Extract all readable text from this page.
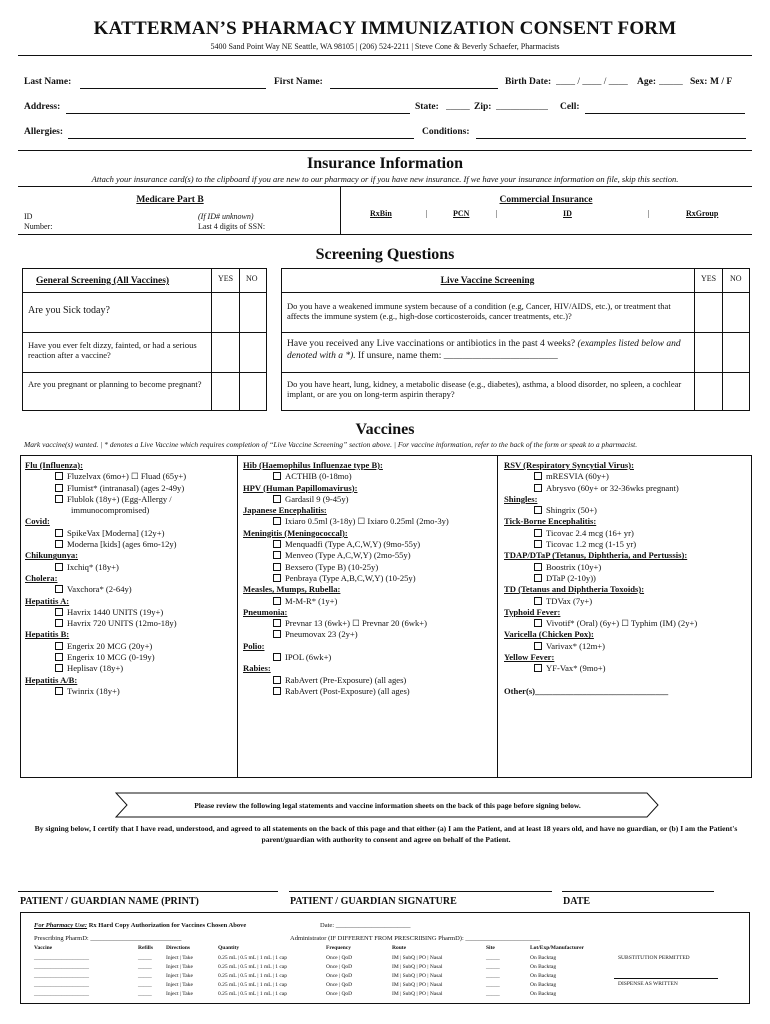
KATTERMAN’S PHARMACY IMMUNIZATION CONSENT FORM
5400 Sand Point Way NE Seattle, WA 98105 | (206) 524-2211 | Steve Cone & Beverly Schaefer, Pharmacists
Last Name:	First Name:	Birth Date: ____ / ____ / ____ Age: _____ Sex: M / F
Address:	State: _____ Zip: ___________ Cell:
Allergies:	Conditions:
Insurance Information
Attach your insurance card(s) to the clipboard if you are new to our pharmacy or if you have new insurance. If we have your insurance information on file, skip this section.
Medicare Part B
ID
Number:
(If ID# unknown)
Last 4 digits of SSN:
Commercial Insurance
RxBin	|	PCN	|	ID	|	RxGroup
Screening Questions
General Screening (All Vaccines)	YES NO
Are you Sick today?
Have you ever felt dizzy, fainted, or had a serious reaction after a vaccine?
Are you pregnant or planning to become pregnant?
Live Vaccine Screening	YES NO
Do you have a weakened immune system because of a condition (e.g, Cancer, HIV/AIDS, etc.), or treatment that affects the immune system (e.g., high-dose corticosteroids, cancer treatments, etc.)?
Have you received any Live vaccinations or antibiotics in the past 4 weeks? (examples listed below and denoted with a *). If unsure, name them: ________________________
Do you have heart, lung, kidney, a metabolic disease (e.g., diabetes), asthma, a blood disorder, no spleen, a cochlear implant, or are you on long-term aspirin therapy?
Vaccines
Mark vaccine(s) wanted. | * denotes a Live Vaccine which requires completion of “Live Vaccine Screening” section above. | For vaccine information, refer to the back of the form or speak to a pharmacist.
Flu (Influenza):
Fluzelvax (6mo+) ☐ Fluad (65y+)
Flumist* (intranasal) (ages 2-49y)
Flublok (18y+) (Egg-Allergy /
immunocompromised)
Covid:
SpikeVax [Moderna] (12y+)
Moderna [kids] (ages 6mo-12y)
Chikungunya:
Ixchiq* (18y+)
Cholera:
Vaxchora* (2-64y)
Hepatitis A:
Havrix 1440 UNITS (19y+)
Havrix 720 UNITS (12mo-18y)
Hepatitis B:
Engerix 20 MCG (20y+)
Engerix 10 MCG (0-19y)
Heplisav (18y+)
Hepatitis A/B:
Twinrix (18y+)
Hib (Haemophilus Influenzae type B):
ACTHIB (0-18mo)
HPV (Human Papillomavirus):
Gardasil 9 (9-45y)
Japanese Encephalitis:
Ixiaro 0.5ml (3-18y) ☐ Ixiaro 0.25ml (2mo-3y)
Meningitis (Meningococcal):
Menquadfi (Type A,C,W,Y) (9mo-55y)
Menveo (Type A,C,W,Y) (2mo-55y)
Bexsero (Type B) (10-25y)
Penbraya (Type A,B,C,W,Y) (10-25y)
Measles, Mumps, Rubella:
M-M-R* (1y+)
Pneumonia:
Prevnar 13 (6wk+) ☐ Prevnar 20 (6wk+)
Pneumovax 23 (2y+)
Polio:
IPOL (6wk+)
Rabies:
RabAvert (Pre-Exposure) (all ages)
RabAvert (Post-Exposure) (all ages)
RSV (Respiratory Syncytial Virus):
mRESVIA (60y+)
Abrysvo (60y+ or 32-36wks pregnant)
Shingles:
Shingrix (50+)
Tick-Borne Encephalitis:
Ticovac 2.4 mcg (16+ yr)
Ticovac 1.2 mcg (1-15 yr)
TDAP/DTaP (Tetanus, Diphtheria, and Pertussis):
Boostrix (10y+)
DTaP (2-10y))
TD (Tetanus and Diphtheria Toxoids):
TDVax (7y+)
Typhoid Fever:
Vivotif* (Oral) (6y+) ☐ Typhim (IM) (2y+)
Varicella (Chicken Pox):
Varivax* (12m+)
Yellow Fever:
YF-Vax* (9mo+)
Other(s)_______________________________
Please review the following legal statements and vaccine information sheets on the back of this page before signing below.
By signing below, I certify that I have read, understood, and agreed to all statements on the back of this page and that either (a) I am the Patient, and at least 18 years old, and have no guardian, or (b) I am the Patient's parent/guardian with authority to consent and agree on behalf of the Patient.
PATIENT / GUARDIAN NAME (PRINT)	PATIENT / GUARDIAN SIGNATURE	DATE
For Pharmacy Use: Rx Hard Copy Authorization for Vaccines Chosen Above	Date: _______________________
Prescribing PharmD: ____________________________	Administrator (IF DIFFERENT FROM PRESCRIBING PharmD): _______________________
Vaccine	Refills Directions	Quantity	Frequency	Route	Site	Lot/Exp/Manufacturer
____________________	_____	Inject | Take	0.25 mL | 0.5 mL | 1 mL | 1 cap	Once | QoD	IM | SubQ | PO | Nasal	_____	On Backtag
____________________	_____	Inject | Take	0.25 mL | 0.5 mL | 1 mL | 1 cap	Once | QoD	IM | SubQ | PO | Nasal	_____	On Backtag
____________________	_____	Inject | Take	0.25 mL | 0.5 mL | 1 mL | 1 cap	Once | QoD	IM | SubQ | PO | Nasal	_____	On Backtag
____________________	_____	Inject | Take	0.25 mL | 0.5 mL | 1 mL | 1 cap	Once | QoD	IM | SubQ | PO | Nasal	_____	On Backtag
____________________	_____	Inject | Take	0.25 mL | 0.5 mL | 1 mL | 1 cap	Once | QoD	IM | SubQ | PO | Nasal	_____	On Backtag
SUBSTITUTION PERMITTED
DISPENSE AS WRITTEN
